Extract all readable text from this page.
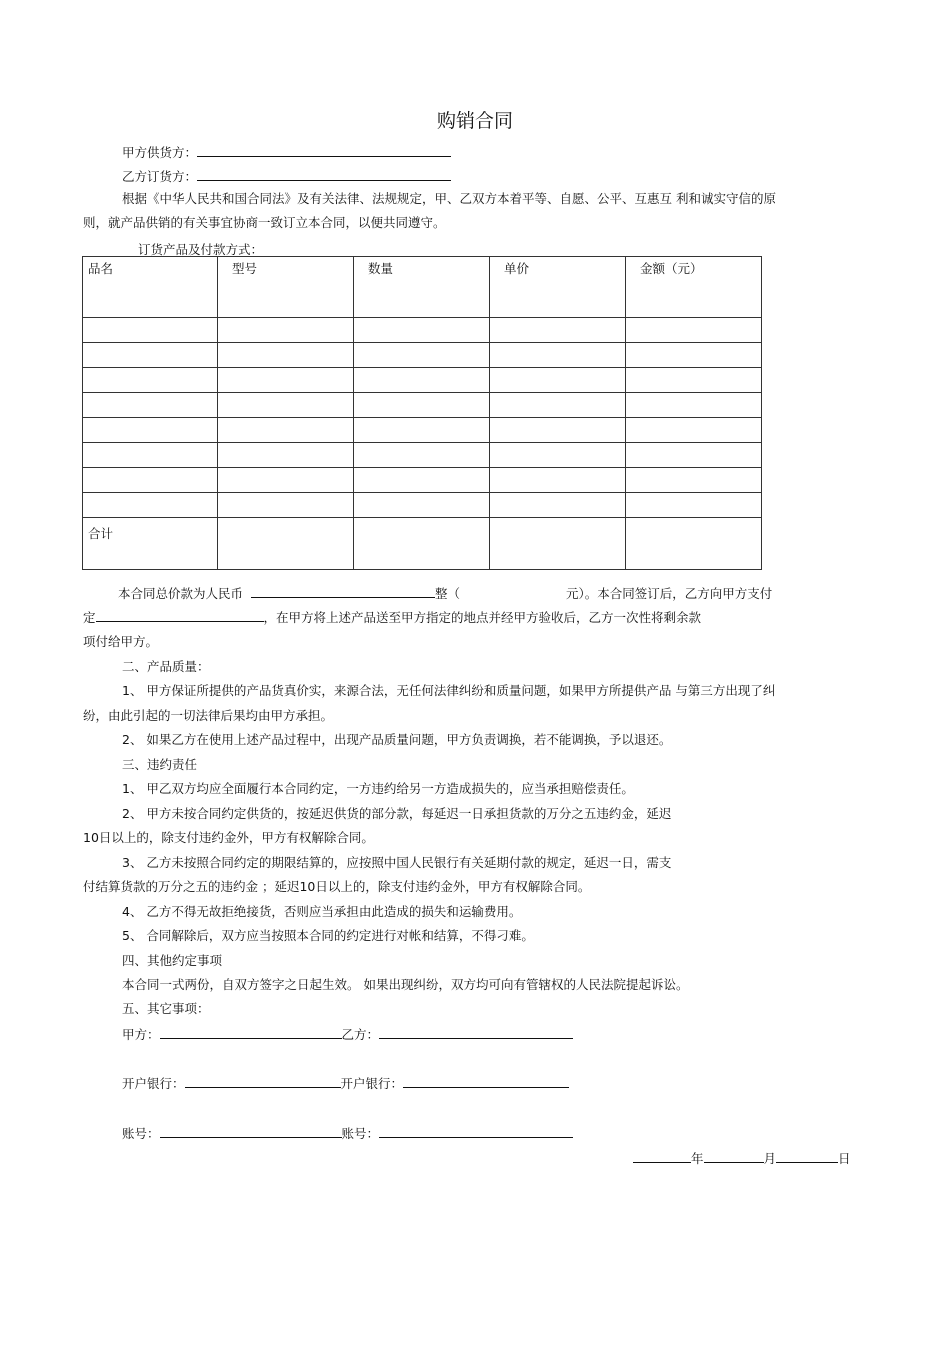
购销合同
甲方供货方：
乙方订货方：
根据《中华人民共和国合同法》及有关法律、法规规定，甲、乙双方本着平等、自愿、公平、互惠互 利和诚实守信的原
则，就产品供销的有关事宜协商一致订立本合同，以便共同遵守。
订货产品及付款方式：
品名	型号	数量	单价	金额（元）

合计				

本合同总价款为人民币	整（	元）。本合同签订后，乙方向甲方支付
定	，在甲方将上述产品送至甲方指定的地点并经甲方验收后，乙方一次性将剩余款
项付给甲方。
二、产品质量：
1、 甲方保证所提供的产品货真价实，来源合法，无任何法律纠纷和质量问题，如果甲方所提供产品 与第三方出现了纠
纷，由此引起的一切法律后果均由甲方承担。
2、 如果乙方在使用上述产品过程中，出现产品质量问题，甲方负责调换，若不能调换，予以退还。
三、违约责任
1、 甲乙双方均应全面履行本合同约定，一方违约给另一方造成损失的，应当承担赔偿责任。
2、 甲方未按合同约定供货的，按延迟供货的部分款，每延迟一日承担货款的万分之五违约金，延迟
10日以上的，除支付违约金外，甲方有权解除合同。
3、 乙方未按照合同约定的期限结算的，应按照中国人民银行有关延期付款的规定，延迟一日，需支
付结算货款的万分之五的违约金 ；延迟10日以上的，除支付违约金外，甲方有权解除合同。
4、 乙方不得无故拒绝接货，否则应当承担由此造成的损失和运输费用。
5、 合同解除后，双方应当按照本合同的约定进行对帐和结算，不得刁难。
四、其他约定事项
本合同一式两份，自双方签字之日起生效。 如果出现纠纷，双方均可向有管辖权的人民法院提起诉讼。
五、其它事项：
甲方：	乙方：
开户银行：	开户银行：
账号：	账号：
年	月	日
